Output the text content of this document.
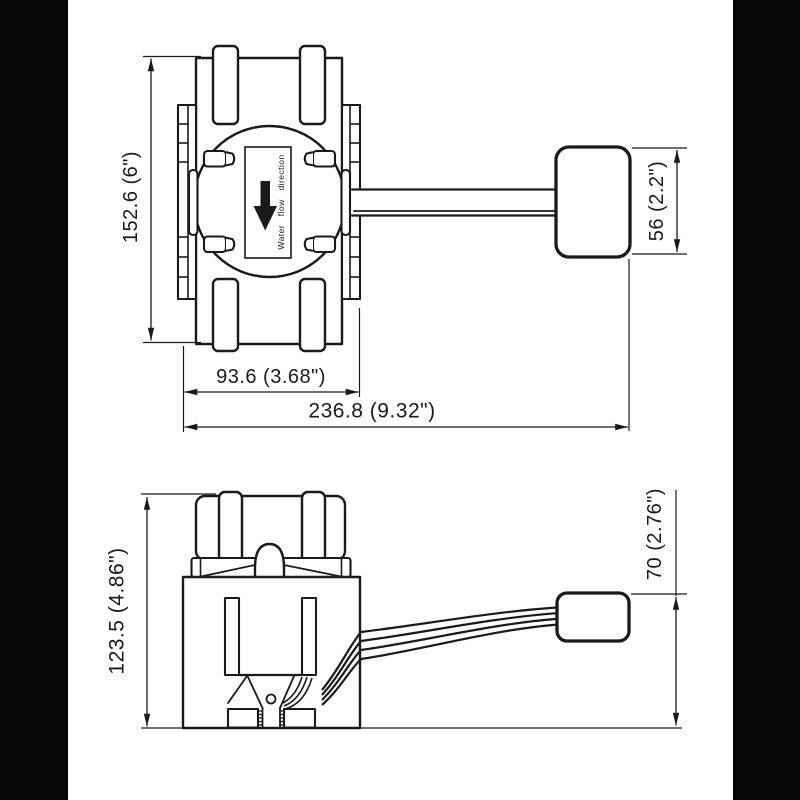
Water flow direction
152.6 (6")
93.6 (3.68")
236.8 (9.32")
56 (2.2")
123.5 (4.86")
70 (2.76")
